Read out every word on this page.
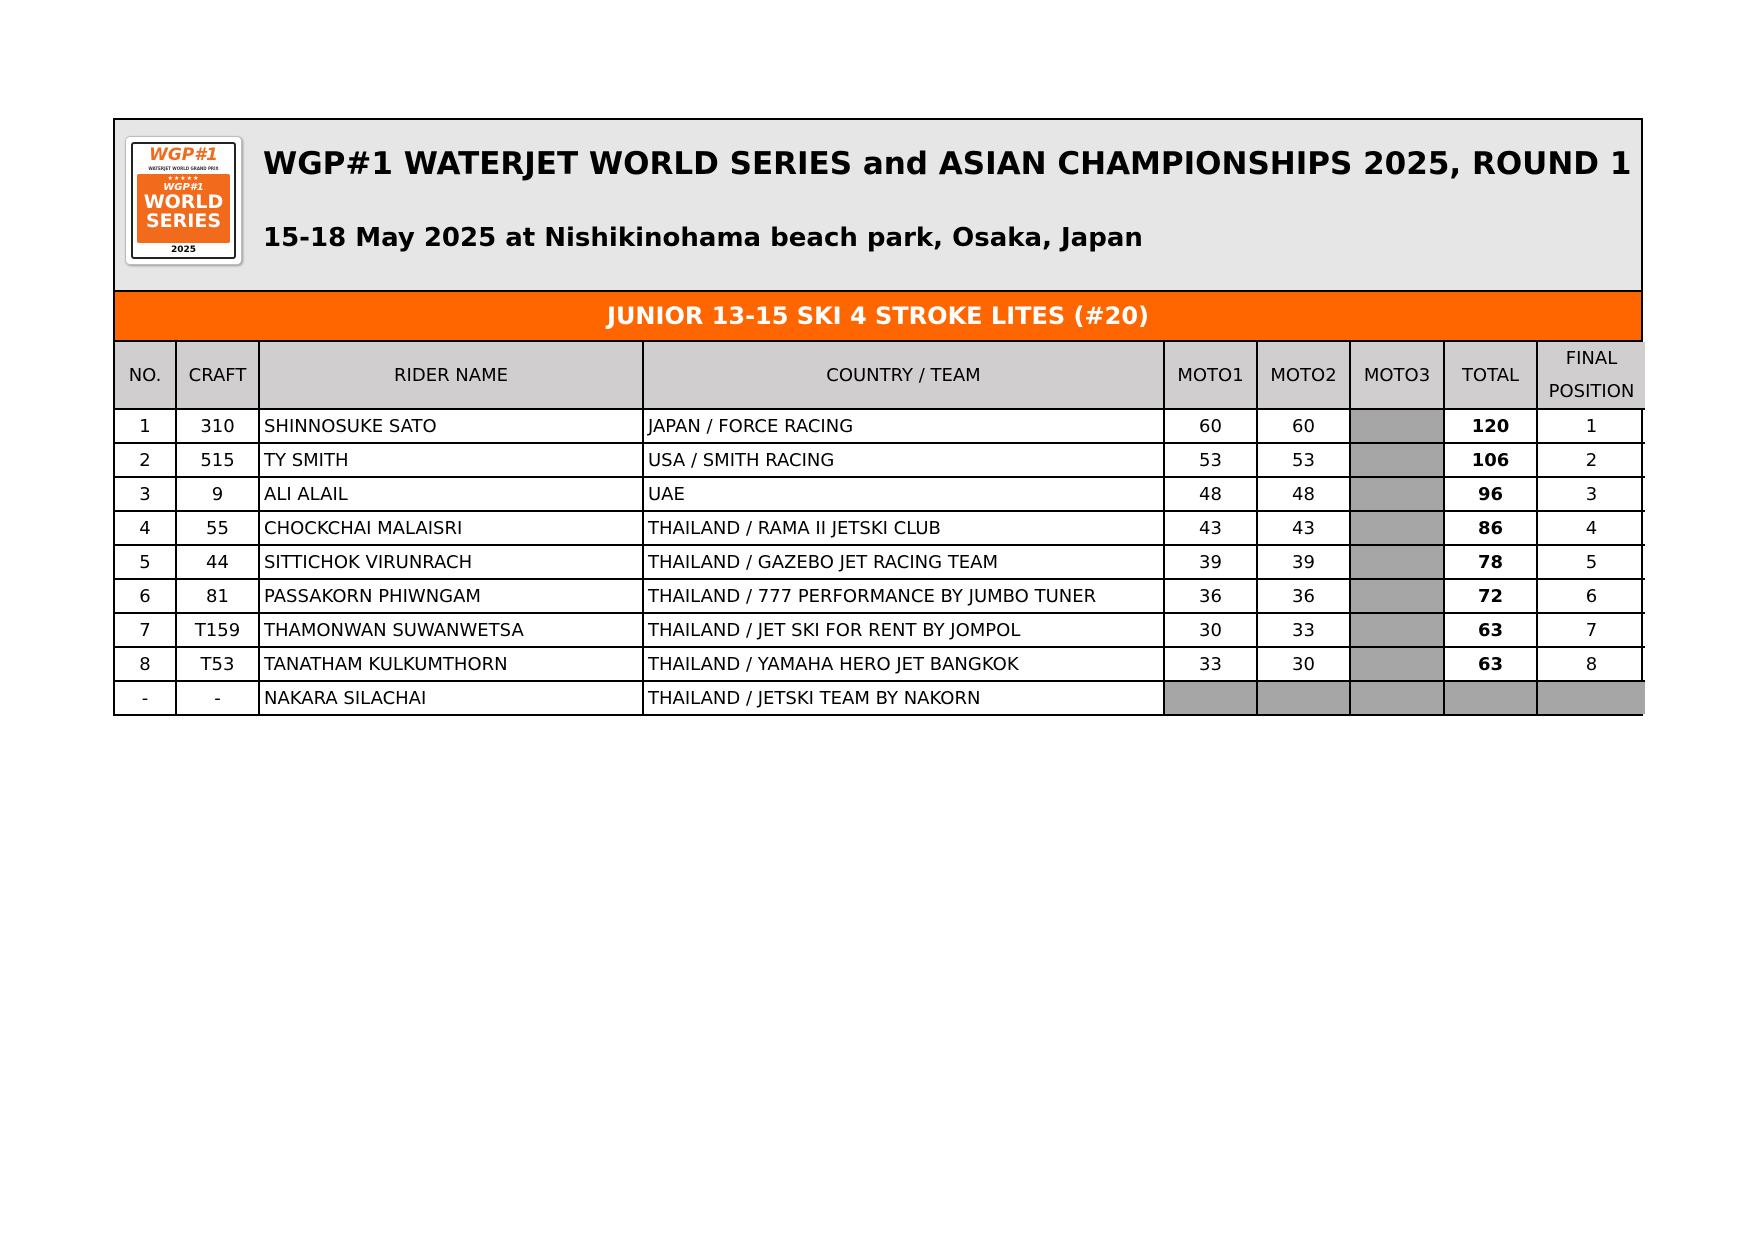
WGP#1
WATERJET WORLD GRAND PRIX
★★★★★
WGP#1
WORLD
SERIES
2025
WGP#1 WATERJET WORLD SERIES and ASIAN CHAMPIONSHIPS 2025, ROUND 1
15-18 May 2025 at Nishikinohama beach park, Osaka, Japan
JUNIOR 13-15 SKI 4 STROKE LITES (#20)
NO.	CRAFT	RIDER NAME	COUNTRY / TEAM	MOTO1	MOTO2	MOTO3	TOTAL	FINAL
POSITION
1	310	SHINNOSUKE SATO	JAPAN / FORCE RACING	60	60		120	1
2	515	TY SMITH	USA / SMITH RACING	53	53		106	2
3	9	ALI ALAIL	UAE	48	48		96	3
4	55	CHOCKCHAI MALAISRI	THAILAND / RAMA II JETSKI CLUB	43	43		86	4
5	44	SITTICHOK VIRUNRACH	THAILAND / GAZEBO JET RACING TEAM	39	39		78	5
6	81	PASSAKORN PHIWNGAM	THAILAND / 777 PERFORMANCE BY JUMBO TUNER	36	36		72	6
7	T159	THAMONWAN SUWANWETSA	THAILAND / JET SKI FOR RENT BY JOMPOL	30	33		63	7
8	T53	TANATHAM KULKUMTHORN	THAILAND / YAMAHA HERO JET BANGKOK	33	30		63	8
-	-	NAKARA SILACHAI	THAILAND / JETSKI TEAM BY NAKORN					
